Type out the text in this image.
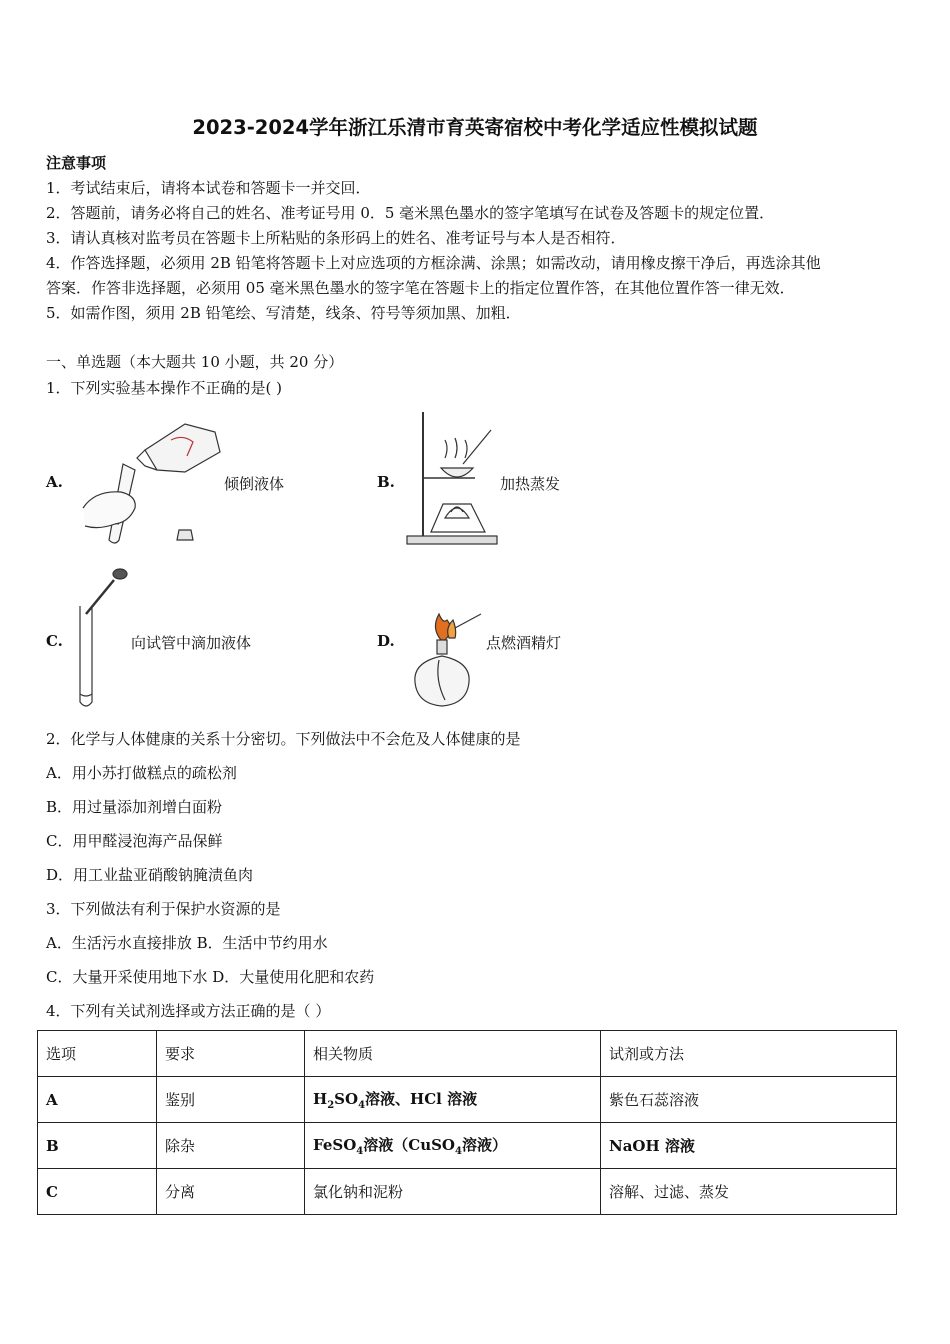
2023-2024学年浙江乐清市育英寄宿校中考化学适应性模拟试题
注意事项
1．考试结束后，请将本试卷和答题卡一并交回．
2．答题前，请务必将自己的姓名、准考证号用 0．5 毫米黑色墨水的签字笔填写在试卷及答题卡的规定位置．
3．请认真核对监考员在答题卡上所粘贴的条形码上的姓名、准考证号与本人是否相符．
4．作答选择题，必须用 2B 铅笔将答题卡上对应选项的方框涂满、涂黑；如需改动，请用橡皮擦干净后，再选涂其他
答案．作答非选择题，必须用 05 毫米黑色墨水的签字笔在答题卡上的指定位置作答，在其他位置作答一律无效．
5．如需作图，须用 2B 铅笔绘、写清楚，线条、符号等须加黑、加粗．
一、单选题（本大题共 10 小题，共 20 分）
1．下列实验基本操作不正确的是( )
A.	倾倒液体	B.	加热蒸发
C.	向试管中滴加液体	D.	点燃酒精灯
2．化学与人体健康的关系十分密切。下列做法中不会危及人体健康的是
A．用小苏打做糕点的疏松剂
B．用过量添加剂增白面粉
C．用甲醛浸泡海产品保鲜
D．用工业盐亚硝酸钠腌渍鱼肉
3．下列做法有利于保护水资源的是
A．生活污水直接排放 B．生活中节约用水
C．大量开采使用地下水 D．大量使用化肥和农药
4．下列有关试剂选择或方法正确的是（ ）
选项	要求	相关物质	试剂或方法
A	鉴别	$H_2SO_4$溶液、HCl 溶液	紫色石蕊溶液
B	除杂	FeSO$_4$溶液（CuSO$_4$溶液）	NaOH 溶液
C	分离	氯化钠和泥粉	溶解、过滤、蒸发
